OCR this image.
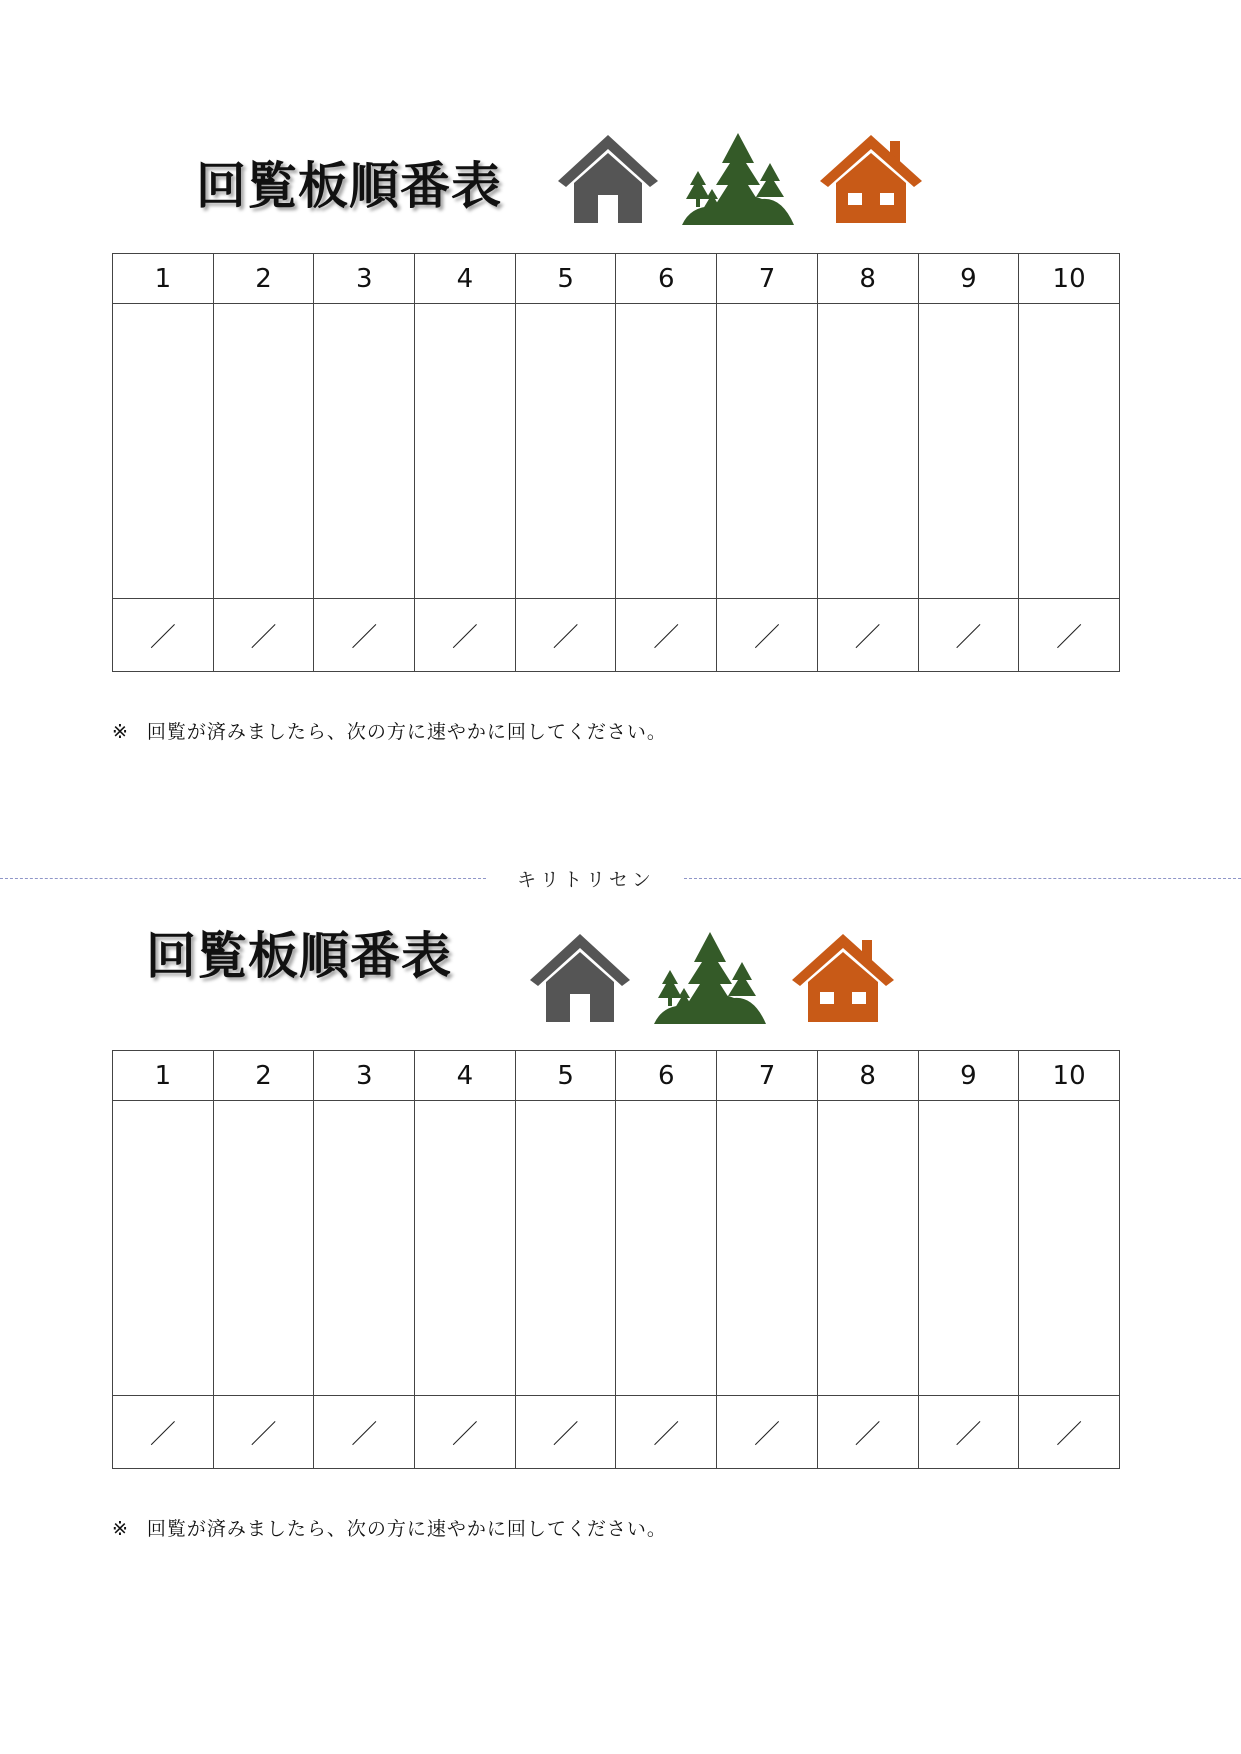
回覧板順番表
1	2	3	4	5	6	7	8	9	10

／	／	／	／	／	／	／	／	／	／
※ 回覧が済みましたら、次の方に速やかに回してください。
キリトリセン
回覧板順番表
1	2	3	4	5	6	7	8	9	10

／	／	／	／	／	／	／	／	／	／
※ 回覧が済みましたら、次の方に速やかに回してください。
